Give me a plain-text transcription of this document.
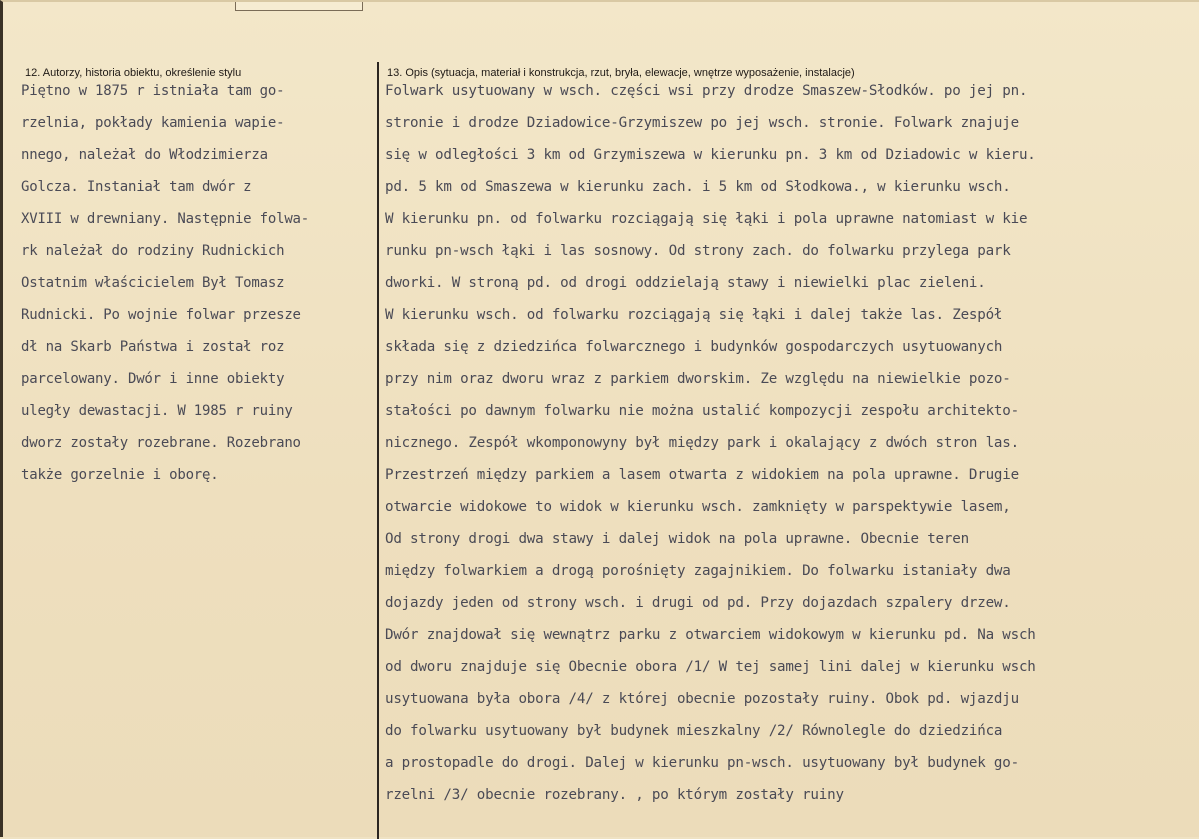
12. Autorzy, historia obiektu, określenie stylu	13. Opis (sytuacja, materiał i konstrukcja, rzut, bryła, elewacje, wnętrze wyposażenie, instalacje)
Piętno w 1875 r istniała tam go-
rzelnia, pokłady kamienia wapie-
nnego, należał do Włodzimierza
Golcza. Instaniał tam dwór z
XVIII w drewniany. Następnie folwa-
rk należał do rodziny Rudnickich
Ostatnim właścicielem Był Tomasz
Rudnicki. Po wojnie folwar przesze
dł na Skarb Państwa i został roz
parcelowany. Dwór i inne obiekty
uległy dewastacji. W 1985 r ruiny
dworz zostały rozebrane. Rozebrano
także gorzelnie i oborę.
Folwark usytuowany w wsch. części wsi przy drodze Smaszew-Słodków. po jej pn.
stronie i drodze Dziadowice-Grzymiszew po jej wsch. stronie. Folwark znajuje
się w odległości 3 km od Grzymiszewa w kierunku pn. 3 km od Dziadowic w kieru.
pd. 5 km od Smaszewa w kierunku zach. i 5 km od Słodkowa., w kierunku wsch.
W kierunku pn. od folwarku rozciągają się łąki i pola uprawne natomiast w kie
runku pn-wsch łąki i las sosnowy. Od strony zach. do folwarku przylega park
dworki. W stroną pd. od drogi oddzielają stawy i niewielki plac zieleni.
W kierunku wsch. od folwarku rozciągają się łąki i dalej także las. Zespół
składa się z dziedzińca folwarcznego i budynków gospodarczych usytuowanych
przy nim oraz dworu wraz z parkiem dworskim. Ze względu na niewielkie pozo-
stałości po dawnym folwarku nie można ustalić kompozycji zespołu architekto-
nicznego. Zespół wkomponowyny był między park i okalający z dwóch stron las.
Przestrzeń między parkiem a lasem otwarta z widokiem na pola uprawne. Drugie
otwarcie widokowe to widok w kierunku wsch. zamknięty w parspektywie lasem,
Od strony drogi dwa stawy i dalej widok na pola uprawne. Obecnie teren
między folwarkiem a drogą porośnięty zagajnikiem. Do folwarku istaniały dwa
dojazdy jeden od strony wsch. i drugi od pd. Przy dojazdach szpalery drzew.
Dwór znajdował się wewnątrz parku z otwarciem widokowym w kierunku pd. Na wsch
od dworu znajduje się Obecnie obora /1/ W tej samej lini dalej w kierunku wsch
usytuowana była obora /4/ z której obecnie pozostały ruiny. Obok pd. wjazdju
do folwarku usytuowany był budynek mieszkalny /2/ Równolegle do dziedzińca
a prostopadle do drogi. Dalej w kierunku pn-wsch. usytuowany był budynek go-
rzelni /3/ obecnie rozebrany. , po którym zostały ruiny
